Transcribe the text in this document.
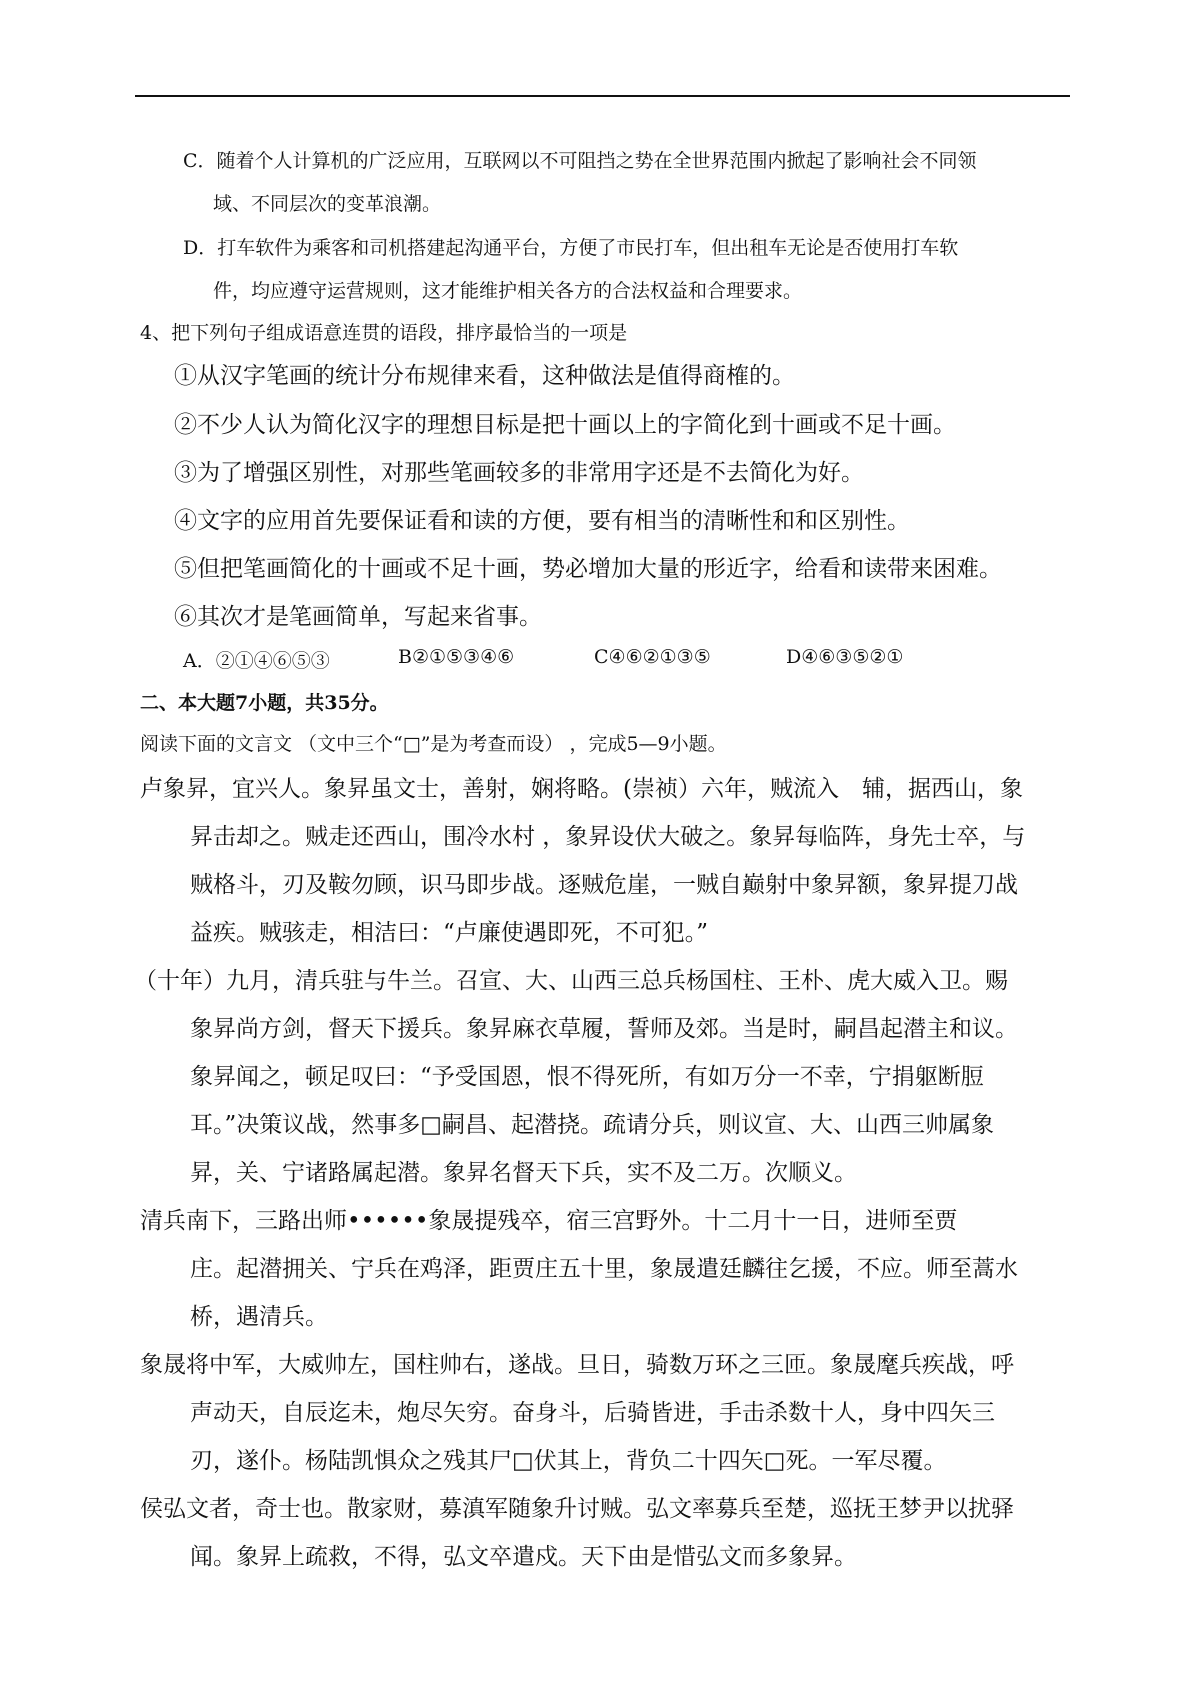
C．随着个人计算机的广泛应用，互联网以不可阻挡之势在全世界范围内掀起了影响社会不同领
域、不同层次的变革浪潮。
D．打车软件为乘客和司机搭建起沟通平台，方便了市民打车，但出租车无论是否使用打车软
件，均应遵守运营规则，这才能维护相关各方的合法权益和合理要求。
4、把下列句子组成语意连贯的语段，排序最恰当的一项是
①从汉字笔画的统计分布规律来看，这种做法是值得商榷的。
②不少人认为简化汉字的理想目标是把十画以上的字简化到十画或不足十画。
③为了增强区别性，对那些笔画较多的非常用字还是不去简化为好。
④文字的应用首先要保证看和读的方便，要有相当的清晰性和和区别性。
⑤但把笔画简化的十画或不足十画，势必增加大量的形近字，给看和读带来困难。
⑥其次才是笔画简单，写起来省事。
A．②①④⑥⑤③	B②①⑤③④⑥	C④⑥②①③⑤	D④⑥③⑤②①
二、本大题7小题，共35分。
阅读下面的文言文 （文中三个“□”是为考查而设） ，完成5—9小题。
卢象昇，宜兴人。象昇虽文士，善射，娴将略。(崇祯）六年，贼流入　辅，据西山，象
昇击却之。贼走还西山，围冷水村 ，象昇设伏大破之。象昇每临阵，身先士卒，与
贼格斗，刃及鞍勿顾，识马即步战。逐贼危崖，一贼自巅射中象昇额，象昇提刀战
益疾。贼骇走，相洁曰：“卢廉使遇即死，不可犯。”
（十年）九月，清兵驻与牛兰。召宣、大、山西三总兵杨国柱、王朴、虎大威入卫。赐
象昇尚方剑，督天下援兵。象昇麻衣草履，誓师及郊。当是时，嗣昌起潜主和议。
象昇闻之，顿足叹曰：“予受国恩，恨不得死所，有如万分一不幸，宁捐躯断脰
耳。”决策议战，然事多□嗣昌、起潜挠。疏请分兵，则议宣、大、山西三帅属象
昇，关、宁诸路属起潜。象昇名督天下兵，实不及二万。次顺义。
清兵南下，三路出师••••••象晟提残卒，宿三宫野外。十二月十一日，进师至贾
庄。起潜拥关、宁兵在鸡泽，距贾庄五十里，象晟遣廷麟往乞援，不应。师至蒿水
桥，遇清兵。
象晟将中军，大威帅左，国柱帅右，遂战。旦日，骑数万环之三匝。象晟麾兵疾战，呼
声动天，自辰迄未，炮尽矢穷。奋身斗，后骑皆进，手击杀数十人，身中四矢三
刃，遂仆。杨陆凯惧众之残其尸□伏其上，背负二十四矢□死。一军尽覆。
侯弘文者，奇士也。散家财，募滇军随象升讨贼。弘文率募兵至楚，巡抚王梦尹以扰驿
闻。象昇上疏救，不得，弘文卒遣戍。天下由是惜弘文而多象昇。
